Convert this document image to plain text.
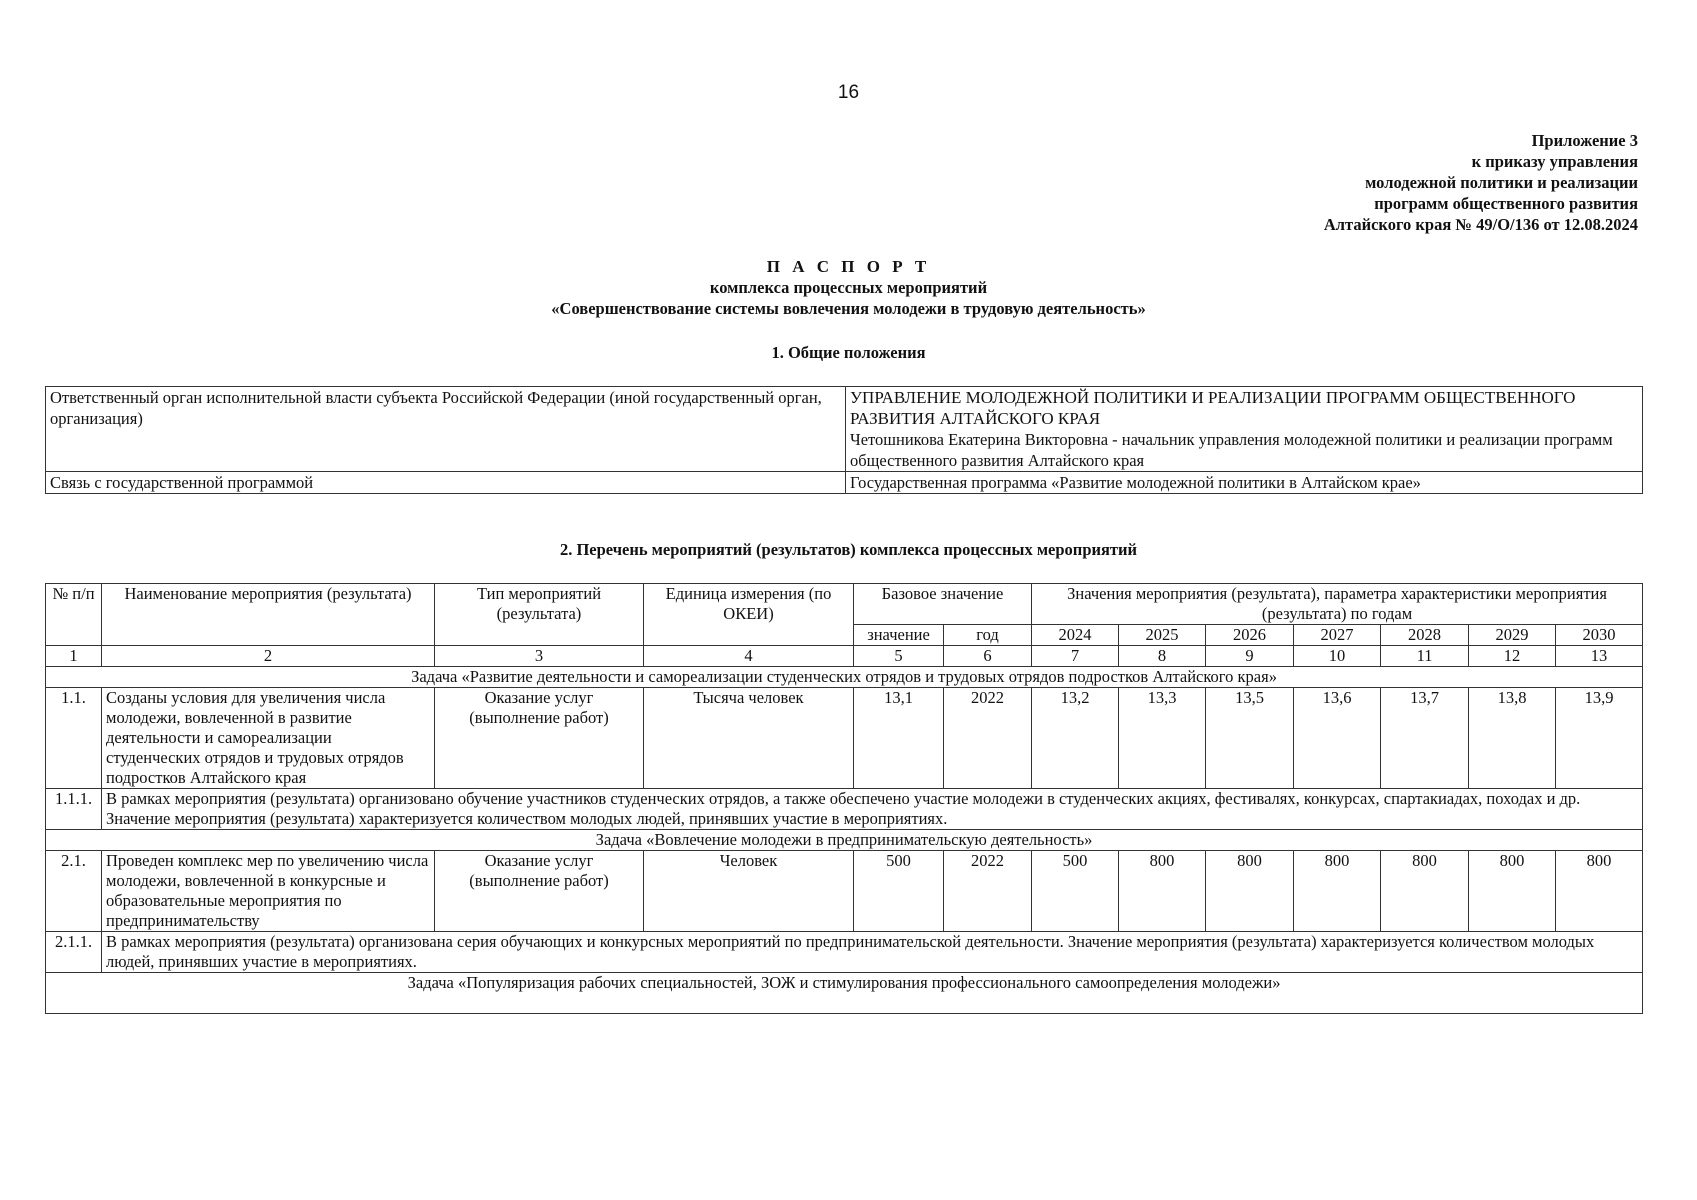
16
Приложение 3
к приказу управления
молодежной политики и реализации
программ общественного развития
Алтайского края № 49/О/136 от 12.08.2024
П А С П О Р Т
комплекса процессных мероприятий
«Совершенствование системы вовлечения молодежи в трудовую деятельность»
1. Общие положения
Ответственный орган исполнительной власти субъекта Российской Федерации (иной государственный орган, организация)	УПРАВЛЕНИЕ МОЛОДЕЖНОЙ ПОЛИТИКИ И РЕАЛИЗАЦИИ ПРОГРАММ ОБЩЕСТВЕННОГО РАЗВИТИЯ АЛТАЙСКОГО КРАЯ
Четошникова Екатерина Викторовна - начальник управления молодежной политики и реализации программ общественного развития Алтайского края

Связь с государственной программой	Государственная программа «Развитие молодежной политики в Алтайском крае»
2. Перечень мероприятий (результатов) комплекса процессных мероприятий
№ п/п	Наименование мероприятия (результата)	Тип мероприятий (результата)	Единица измерения (по ОКЕИ)	Базовое значение		Значения мероприятия (результата), параметра характеристики мероприятия (результата) по годам						
				значение	год	2024	2025	2026	2027	2028	2029	2030
1	2	3	4	5	6	7	8	9	10	11	12	13
Задача «Развитие деятельности и самореализации студенческих отрядов и трудовых отрядов подростков Алтайского края»												
1.1.	Созданы условия для увеличения числа молодежи, вовлеченной в развитие деятельности и самореализации студенческих отрядов и трудовых отрядов подростков Алтайского края	Оказание услуг (выполнение работ)	Тысяча человек	13,1	2022	13,2	13,3	13,5	13,6	13,7	13,8	13,9
1.1.1.	В рамках мероприятия (результата) организовано обучение участников студенческих отрядов, а также обеспечено участие молодежи в студенческих акциях, фестивалях, конкурсах, спартакиадах, походах и др. Значение мероприятия (результата) характеризуется количеством молодых людей, принявших участие в мероприятиях.											
Задача «Вовлечение молодежи в предпринимательскую деятельность»												
2.1.	Проведен комплекс мер по увеличению числа молодежи, вовлеченной в конкурсные и образовательные мероприятия по предпринимательству	Оказание услуг (выполнение работ)	Человек	500	2022	500	800	800	800	800	800	800
2.1.1.	В рамках мероприятия (результата) организована серия обучающих и конкурсных мероприятий по предпринимательской деятельности. Значение мероприятия (результата) характеризуется количеством молодых людей, принявших участие в мероприятиях.											
Задача «Популяризация рабочих специальностей, ЗОЖ и стимулирования профессионального самоопределения молодежи»												
